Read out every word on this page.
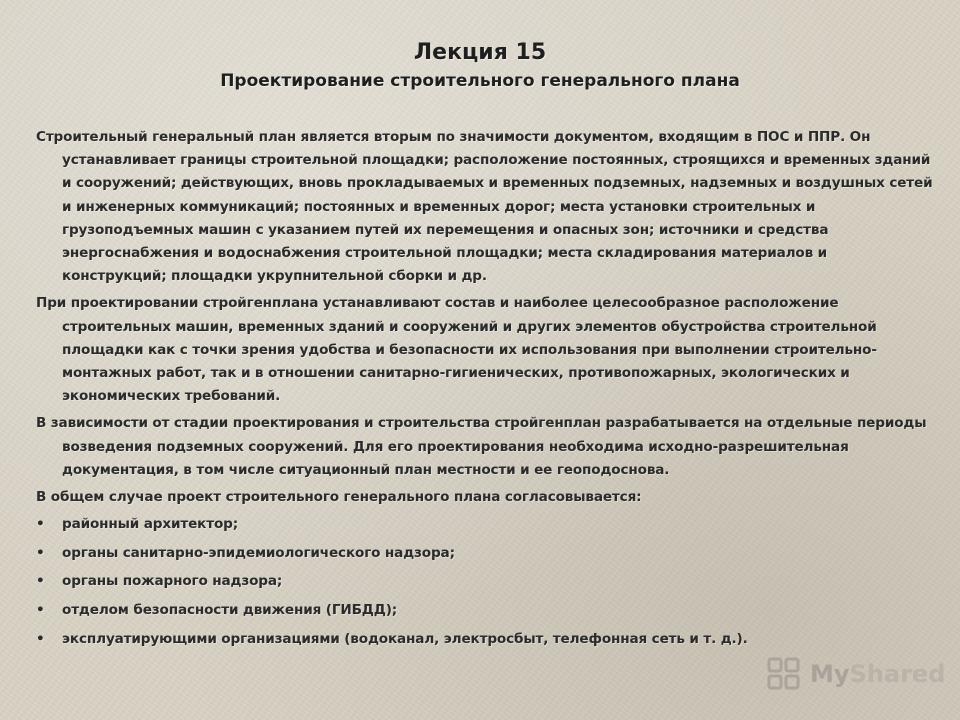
Лекция 15
Проектирование строительного генерального плана

Строительный генеральный план является вторым по значимости документом, входящим в ПОС и ППР. Он устанавливает границы строительной площадки; расположение постоянных, строящихся и временных зданий и сооружений; действующих, вновь прокладываемых и временных подземных, надземных и воздушных сетей и инженерных коммуникаций; постоянных и временных дорог; места установки строительных и грузоподъемных машин с указанием путей их перемещения и опасных зон; источники и средства энергоснабжения и водоснабжения строительной площадки; места складирования материалов и конструкций; площадки укрупнительной сборки и др.

При проектировании стройгенплана устанавливают состав и наиболее целесообразное расположение строительных машин, временных зданий и сооружений и других элементов обустройства строительной площадки как с точки зрения удобства и безопасности их использования при выполнении строительно-монтажных работ, так и в отношении санитарно-гигиенических, противопожарных, экологических и экономических требований.

В зависимости от стадии проектирования и строительства стройгенплан разрабатывается на отдельные периоды возведения подземных сооружений. Для его проектирования необходима исходно-разрешительная документация, в том числе ситуационный план местности и ее геоподоснова.

В общем случае проект строительного генерального плана согласовывается:

•	районный архитектор;
•	органы санитарно-эпидемиологического надзора;
•	органы пожарного надзора;
•	отделом безопасности движения (ГИБДД);
•	эксплуатирующими организациями (водоканал, электросбыт, телефонная сеть и т. д.).
MyShared
